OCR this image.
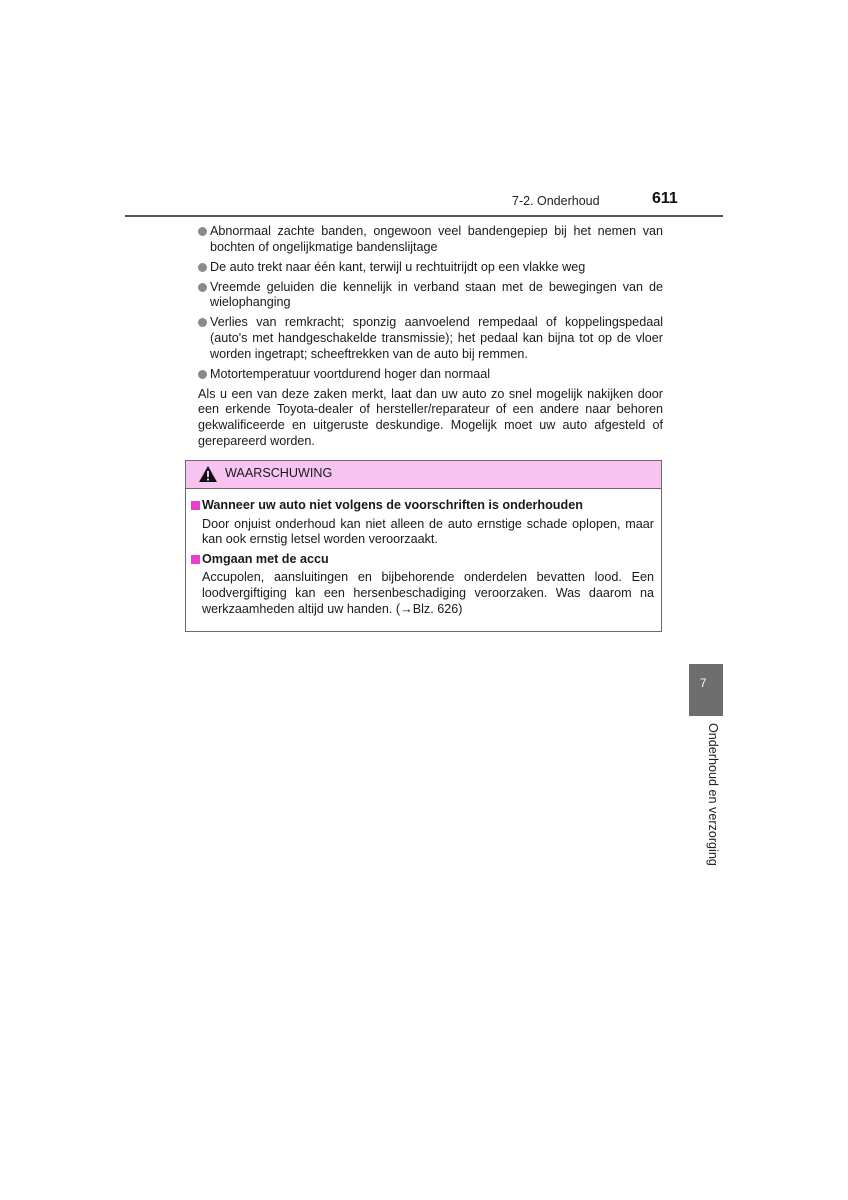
7-2. Onderhoud	611
Abnormaal zachte banden, ongewoon veel bandengepiep bij het nemen van bochten of ongelijkmatige bandenslijtage
De auto trekt naar één kant, terwijl u rechtuitrijdt op een vlakke weg
Vreemde geluiden die kennelijk in verband staan met de bewegingen van de wielophanging
Verlies van remkracht; sponzig aanvoelend rempedaal of koppelingspedaal (auto's met handgeschakelde transmissie); het pedaal kan bijna tot op de vloer worden ingetrapt; scheeftrekken van de auto bij remmen.
Motortemperatuur voortdurend hoger dan normaal

Als u een van deze zaken merkt, laat dan uw auto zo snel mogelijk nakijken door een erkende Toyota-dealer of hersteller/reparateur of een andere naar behoren gekwalificeerde en uitgeruste deskundige. Mogelijk moet uw auto afgesteld of gerepareerd worden.

WAARSCHUWING
Wanneer uw auto niet volgens de voorschriften is onderhouden

Door onjuist onderhoud kan niet alleen de auto ernstige schade oplopen, maar kan ook ernstig letsel worden veroorzaakt.

Omgaan met de accu

Accupolen, aansluitingen en bijbehorende onderdelen bevatten lood. Een loodvergiftiging kan een hersenbeschadiging veroorzaken. Was daarom na werkzaamheden altijd uw handen. (→Blz. 626)

7
Onderhoud en verzorging
